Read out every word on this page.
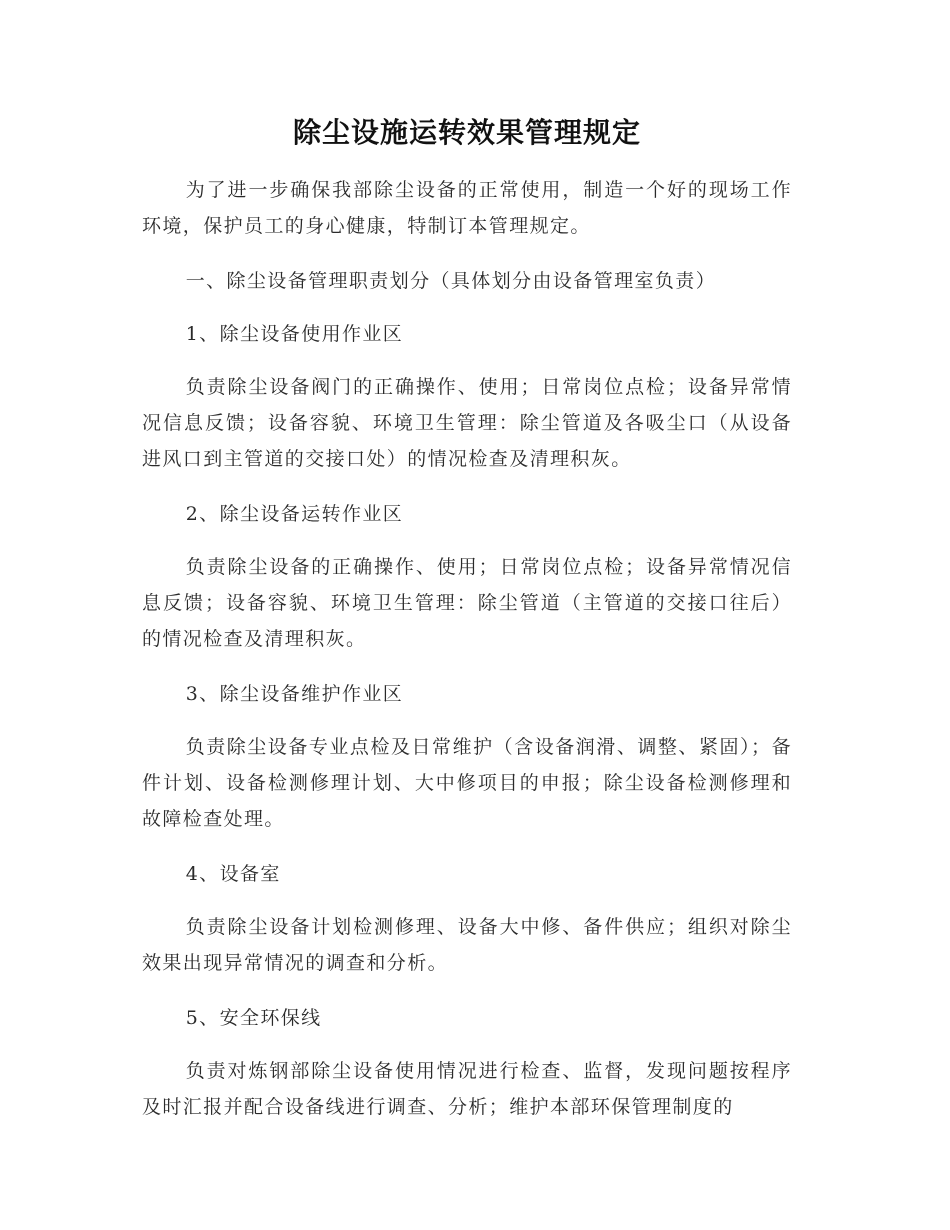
除尘设施运转效果管理规定

为了进一步确保我部除尘设备的正常使用，制造一个好的现场工作环境，保护员工的身心健康，特制订本管理规定。

一、除尘设备管理职责划分（具体划分由设备管理室负责）

1、除尘设备使用作业区

负责除尘设备阀门的正确操作、使用；日常岗位点检；设备异常情况信息反馈；设备容貌、环境卫生管理：除尘管道及各吸尘口（从设备进风口到主管道的交接口处）的情况检查及清理积灰。

2、除尘设备运转作业区

负责除尘设备的正确操作、使用；日常岗位点检；设备异常情况信息反馈；设备容貌、环境卫生管理：除尘管道（主管道的交接口往后）的情况检查及清理积灰。

3、除尘设备维护作业区

负责除尘设备专业点检及日常维护（含设备润滑、调整、紧固）；备件计划、设备检测修理计划、大中修项目的申报；除尘设备检测修理和故障检查处理。

4、设备室

负责除尘设备计划检测修理、设备大中修、备件供应；组织对除尘效果出现异常情况的调查和分析。

5、安全环保线

负责对炼钢部除尘设备使用情况进行检查、监督，发现问题按程序及时汇报并配合设备线进行调查、分析；维护本部环保管理制度的
